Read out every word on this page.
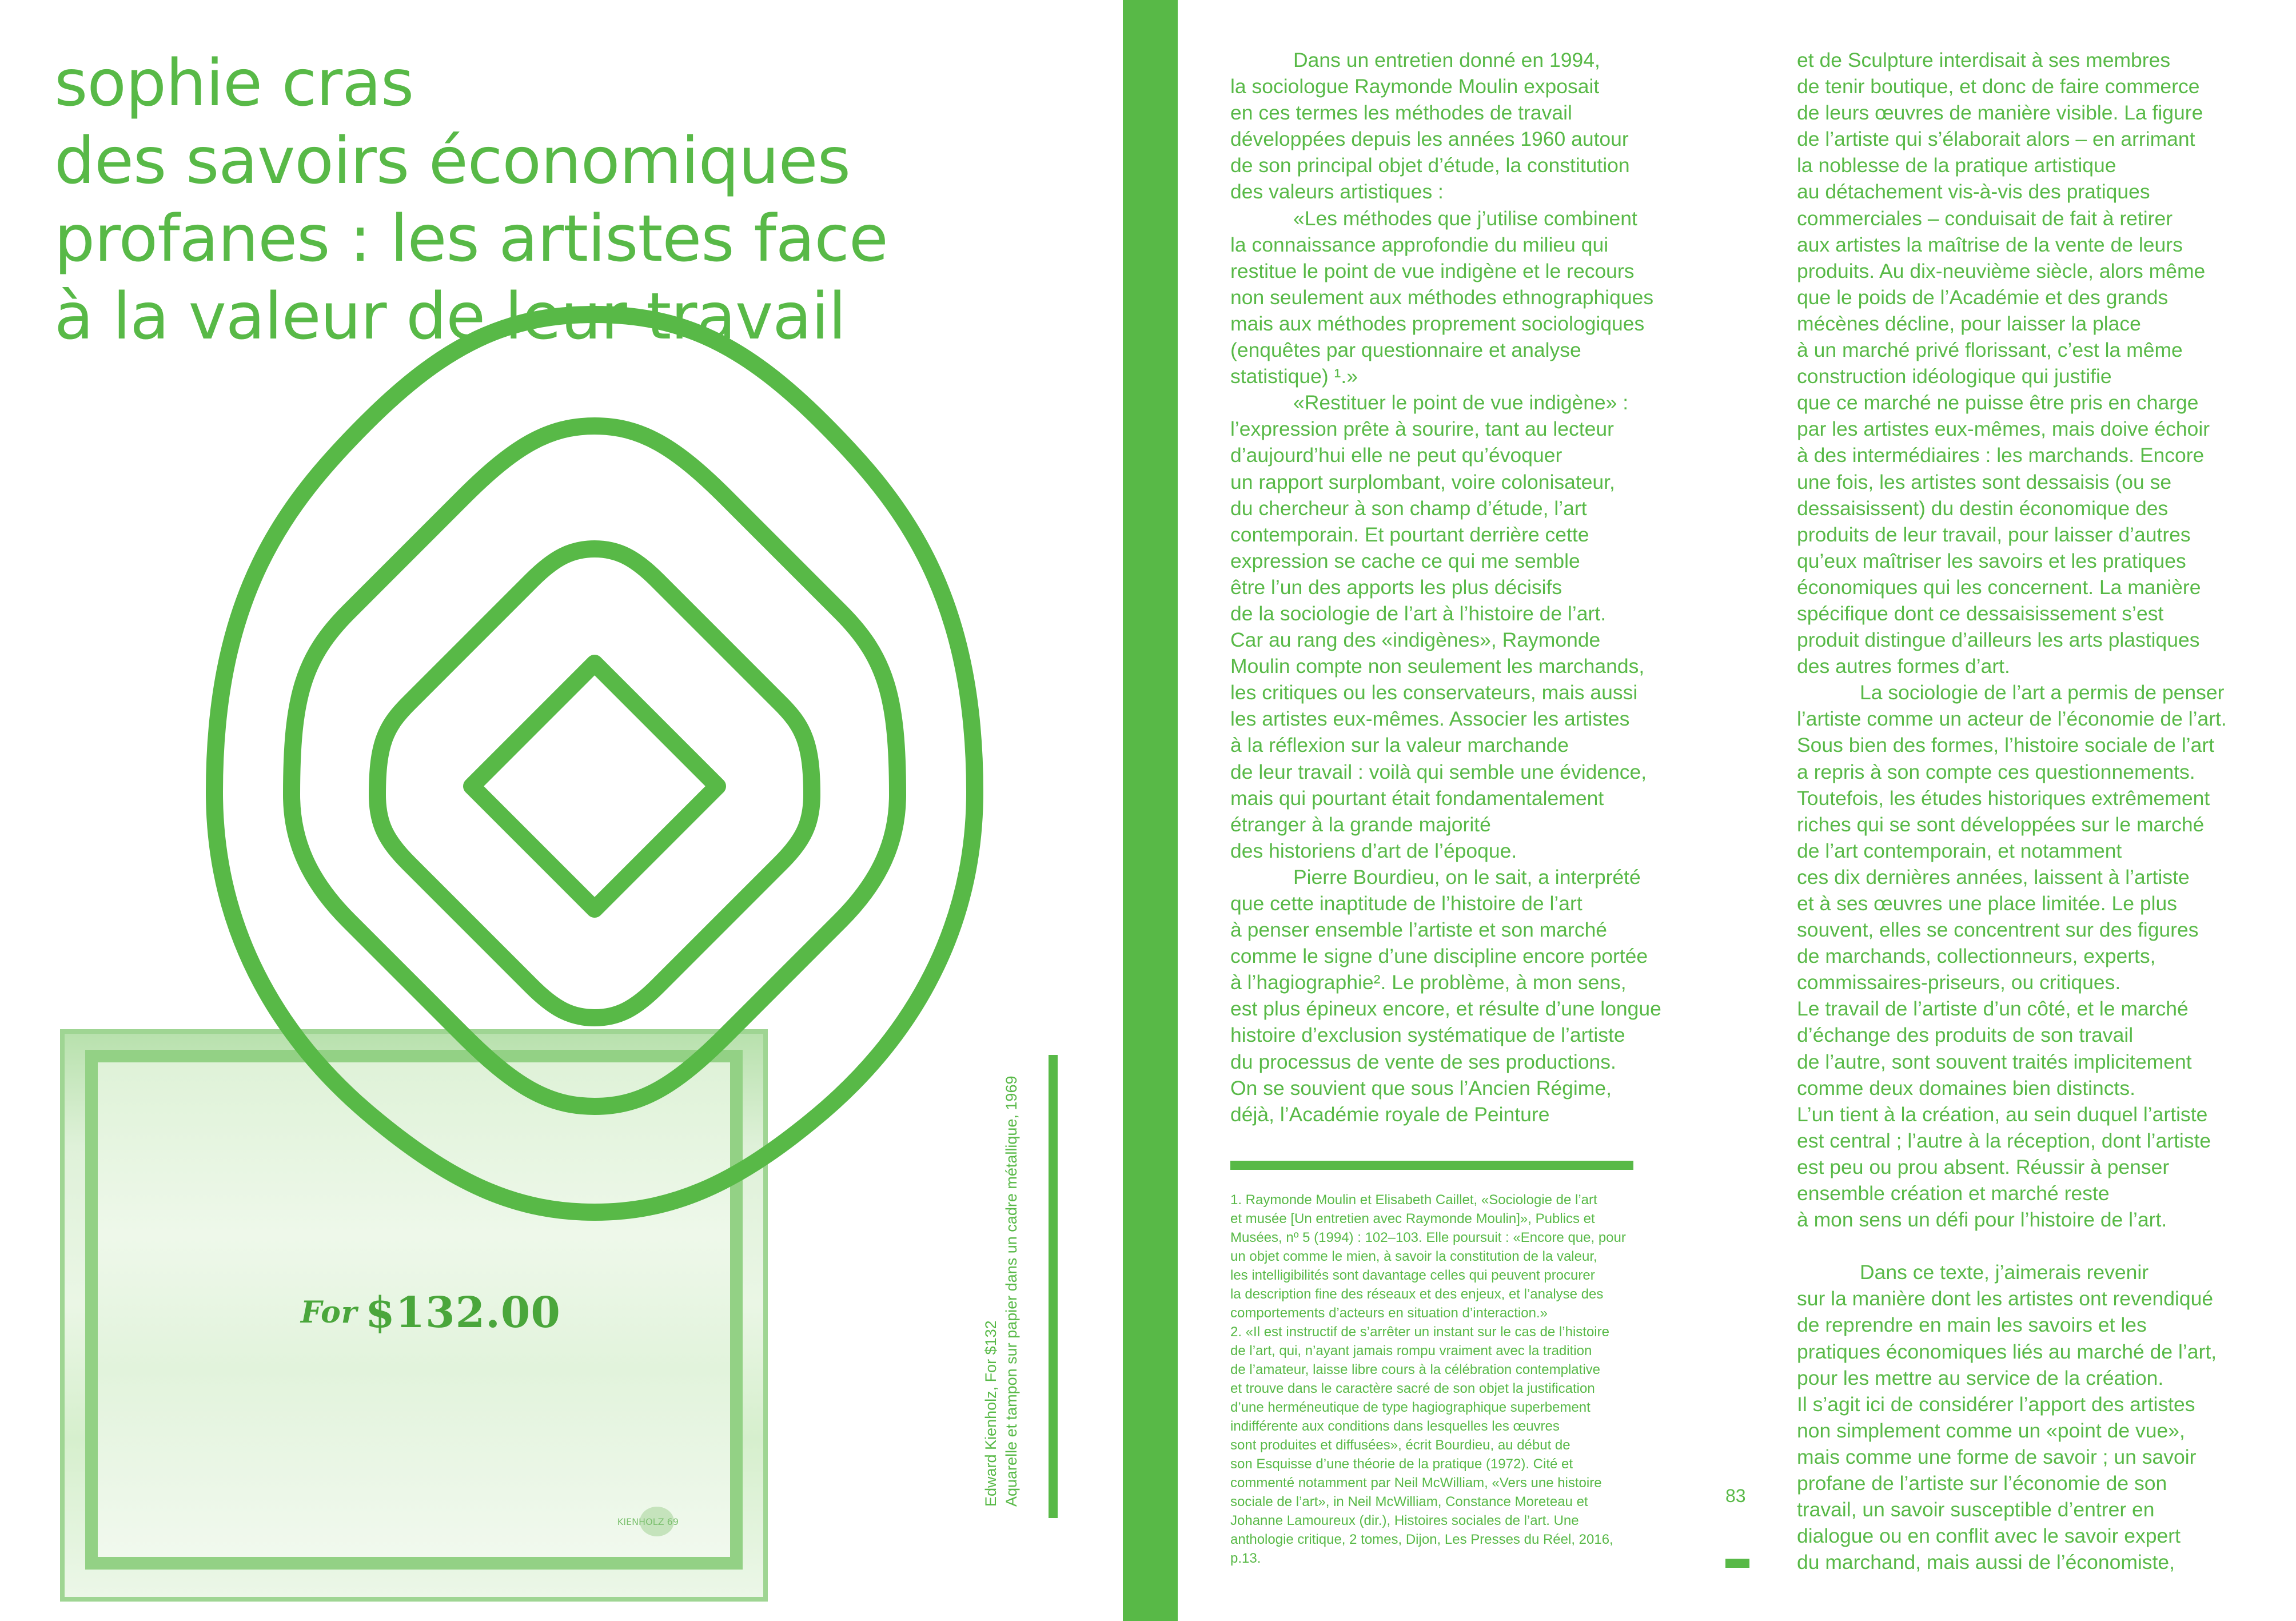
sophie cras
des savoirs économiques
profanes : les artistes face
à la valeur de leur travail
For $132.00
KIENHOLZ 69
Edward Kienholz, For $132 Aquarelle et tampon sur papier dans un cadre métallique, 1969

Dans un entretien donné en 1994,

la sociologue Raymonde Moulin exposait

en ces termes les méthodes de travail

développées depuis les années 1960 autour

de son principal objet d’étude, la constitution

des valeurs artistiques :

«Les méthodes que j’utilise combinent

la connaissance approfondie du milieu qui

restitue le point de vue indigène et le recours

non seulement aux méthodes ethnographiques

mais aux méthodes proprement sociologiques

(enquêtes par questionnaire et analyse

statistique) ¹.»

«Restituer le point de vue indigène» :

l’expression prête à sourire, tant au lecteur

d’aujourd’hui elle ne peut qu’évoquer

un rapport surplombant, voire colonisateur,

du chercheur à son champ d’étude, l’art

contemporain. Et pourtant derrière cette

expression se cache ce qui me semble

être l’un des apports les plus décisifs

de la sociologie de l’art à l’histoire de l’art.

Car au rang des «indigènes», Raymonde

Moulin compte non seulement les marchands,

les critiques ou les conservateurs, mais aussi

les artistes eux-mêmes. Associer les artistes

à la réflexion sur la valeur marchande

de leur travail : voilà qui semble une évidence,

mais qui pourtant était fondamentalement

étranger à la grande majorité

des historiens d’art de l’époque.

Pierre Bourdieu, on le sait, a interprété

que cette inaptitude de l’histoire de l’art

à penser ensemble l’artiste et son marché

comme le signe d’une discipline encore portée

à l’hagiographie². Le problème, à mon sens,

est plus épineux encore, et résulte d’une longue

histoire d’exclusion systématique de l’artiste

du processus de vente de ses productions.

On se souvient que sous l’Ancien Régime,

déjà, l’Académie royale de Peinture

1. Raymonde Moulin et Elisabeth Caillet, «Sociologie de l’art

et musée [Un entretien avec Raymonde Moulin]», Publics et

Musées, nº 5 (1994) : 102–103. Elle poursuit : «Encore que, pour

un objet comme le mien, à savoir la constitution de la valeur,

les intelligibilités sont davantage celles qui peuvent procurer

la description fine des réseaux et des enjeux, et l’analyse des

comportements d’acteurs en situation d’interaction.»

2. «Il est instructif de s’arrêter un instant sur le cas de l’histoire

de l’art, qui, n’ayant jamais rompu vraiment avec la tradition

de l’amateur, laisse libre cours à la célébration contemplative

et trouve dans le caractère sacré de son objet la justification

d’une herméneutique de type hagiographique superbement

indifférente aux conditions dans lesquelles les œuvres

sont produites et diffusées», écrit Bourdieu, au début de

son Esquisse d’une théorie de la pratique (1972). Cité et

commenté notamment par Neil McWilliam, «Vers une histoire

sociale de l’art», in Neil McWilliam, Constance Moreteau et

Johanne Lamoureux (dir.), Histoires sociales de l’art. Une

anthologie critique, 2 tomes, Dijon, Les Presses du Réel, 2016,

p.13.

et de Sculpture interdisait à ses membres

de tenir boutique, et donc de faire commerce

de leurs œuvres de manière visible. La figure

de l’artiste qui s’élaborait alors – en arrimant

la noblesse de la pratique artistique

au détachement vis-à-vis des pratiques

commerciales – conduisait de fait à retirer

aux artistes la maîtrise de la vente de leurs

produits. Au dix-neuvième siècle, alors même

que le poids de l’Académie et des grands

mécènes décline, pour laisser la place

à un marché privé florissant, c’est la même

construction idéologique qui justifie

que ce marché ne puisse être pris en charge

par les artistes eux-mêmes, mais doive échoir

à des intermédiaires : les marchands. Encore

une fois, les artistes sont dessaisis (ou se

dessaisissent) du destin économique des

produits de leur travail, pour laisser d’autres

qu’eux maîtriser les savoirs et les pratiques

économiques qui les concernent. La manière

spécifique dont ce dessaisissement s’est

produit distingue d’ailleurs les arts plastiques

des autres formes d’art.

La sociologie de l’art a permis de penser

l’artiste comme un acteur de l’économie de l’art.

Sous bien des formes, l’histoire sociale de l’art

a repris à son compte ces questionnements.

Toutefois, les études historiques extrêmement

riches qui se sont développées sur le marché

de l’art contemporain, et notamment

ces dix dernières années, laissent à l’artiste

et à ses œuvres une place limitée. Le plus

souvent, elles se concentrent sur des figures

de marchands, collectionneurs, experts,

commissaires-priseurs, ou critiques.

Le travail de l’artiste d’un côté, et le marché

d’échange des produits de son travail

de l’autre, sont souvent traités implicitement

comme deux domaines bien distincts.

L’un tient à la création, au sein duquel l’artiste

est central ; l’autre à la réception, dont l’artiste

est peu ou prou absent. Réussir à penser

ensemble création et marché reste

à mon sens un défi pour l’histoire de l’art.

Dans ce texte, j’aimerais revenir

sur la manière dont les artistes ont revendiqué

de reprendre en main les savoirs et les

pratiques économiques liés au marché de l’art,

pour les mettre au service de la création.

Il s’agit ici de considérer l’apport des artistes

non simplement comme un «point de vue»,

mais comme une forme de savoir ; un savoir

profane de l’artiste sur l’économie de son

travail, un savoir susceptible d’entrer en

dialogue ou en conflit avec le savoir expert

du marchand, mais aussi de l’économiste,

83
